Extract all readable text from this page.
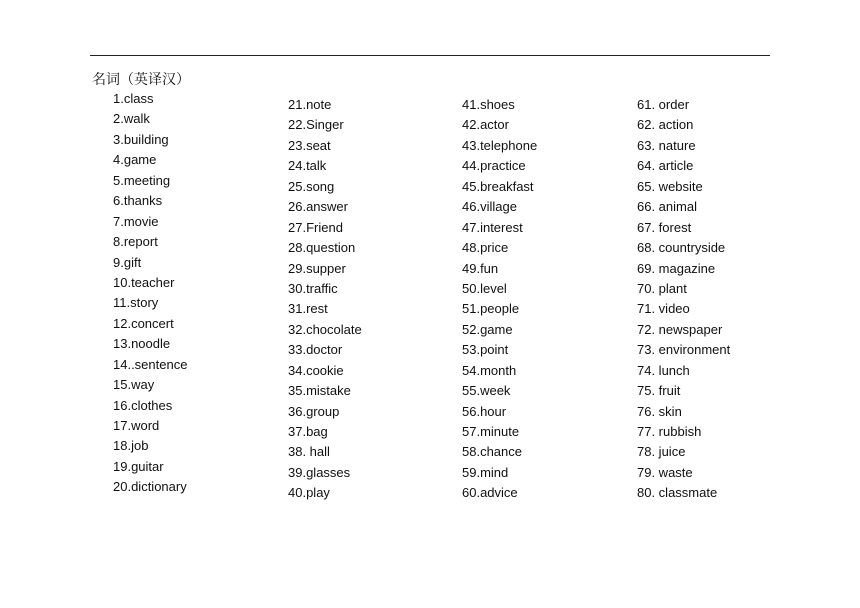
名词（英译汉）
1.class
2.walk
3.building
4.game
5.meeting
6.thanks
7.movie
8.report
9.gift
10.teacher
11.story
12.concert
13.noodle
14..sentence
15.way
16.clothes
17.word
18.job
19.guitar
20.dictionary
21.note
22.Singer
23.seat
24.talk
25.song
26.answer
27.Friend
28.question
29.supper
30.traffic
31.rest
32.chocolate
33.doctor
34.cookie
35.mistake
36.group
37.bag
38. hall
39.glasses
40.play
41.shoes
42.actor
43.telephone
44.practice
45.breakfast
46.village
47.interest
48.price
49.fun
50.level
51.people
52.game
53.point
54.month
55.week
56.hour
57.minute
58.chance
59.mind
60.advice
61. order
62. action
63. nature
64. article
65. website
66. animal
67. forest
68. countryside
69. magazine
70. plant
71. video
72. newspaper
73. environment
74. lunch
75. fruit
76. skin
77. rubbish
78. juice
79. waste
80. classmate
